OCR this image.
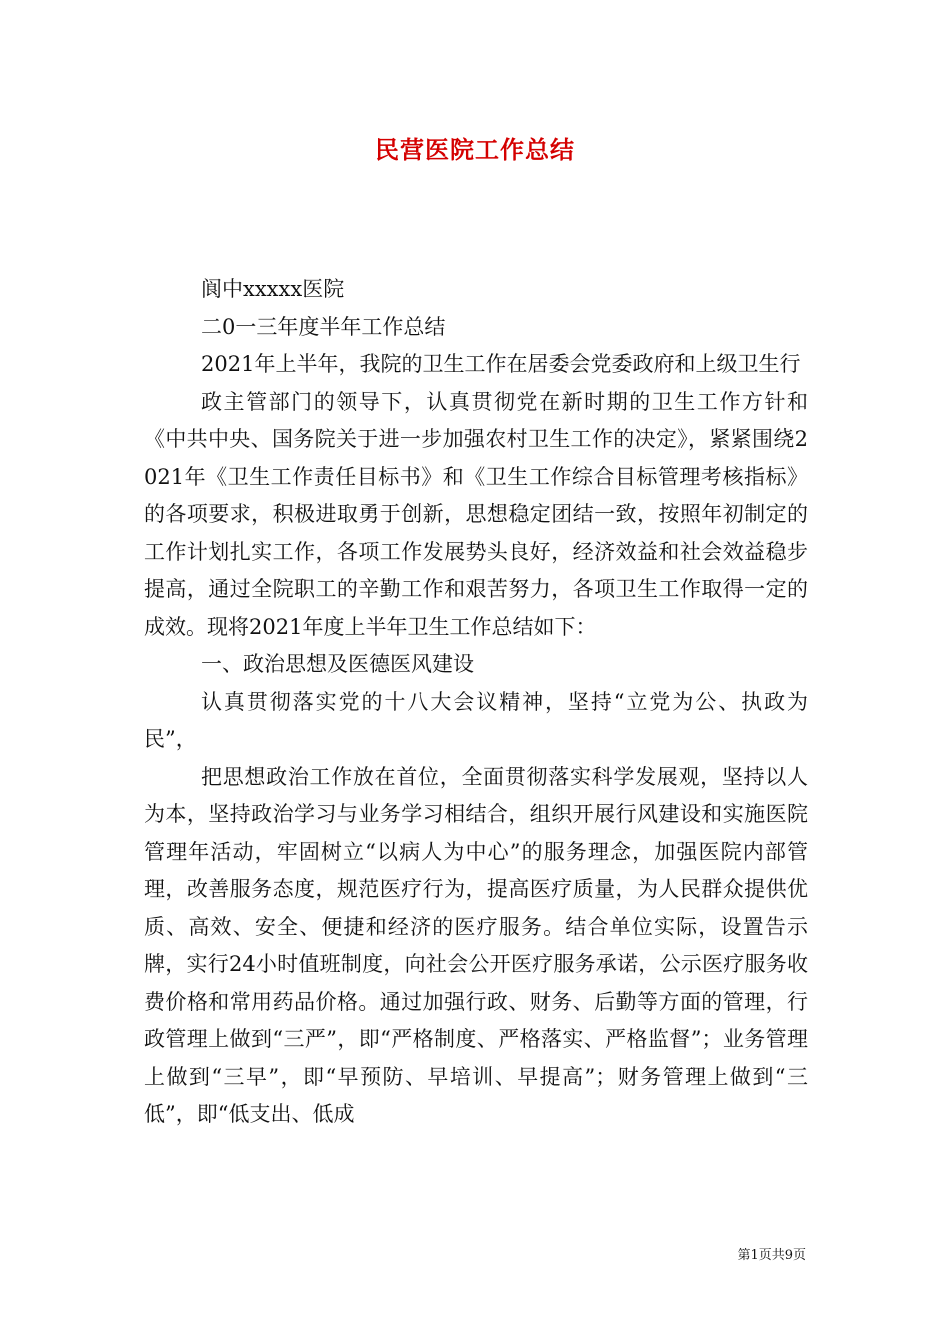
民营医院工作总结

阆中xxxxx医院

二0一三年度半年工作总结

2021年上半年，我院的卫生工作在居委会党委政府和上级卫生行

政主管部门的领导下，认真贯彻党在新时期的卫生工作方针和《中共中央、国务院关于进一步加强农村卫生工作的决定》，紧紧围绕2021年《卫生工作责任目标书》和《卫生工作综合目标管理考核指标》的各项要求，积极进取勇于创新，思想稳定团结一致，按照年初制定的工作计划扎实工作，各项工作发展势头良好，经济效益和社会效益稳步提高，通过全院职工的辛勤工作和艰苦努力，各项卫生工作取得一定的成效。现将2021年度上半年卫生工作总结如下：

一、政治思想及医德医风建设

认真贯彻落实党的十八大会议精神，坚持“立党为公、执政为民”，

把思想政治工作放在首位，全面贯彻落实科学发展观，坚持以人为本，坚持政治学习与业务学习相结合，组织开展行风建设和实施医院管理年活动，牢固树立“以病人为中心”的服务理念，加强医院内部管理，改善服务态度，规范医疗行为，提高医疗质量，为人民群众提供优质、高效、安全、便捷和经济的医疗服务。结合单位实际，设置告示牌，实行24小时值班制度，向社会公开医疗服务承诺，公示医疗服务收费价格和常用药品价格。通过加强行政、财务、后勤等方面的管理，行政管理上做到“三严”，即“严格制度、严格落实、严格监督”；业务管理上做到“三早”，即“早预防、早培训、早提高”；财务管理上做到“三低”，即“低支出、低成

第1页共9页
